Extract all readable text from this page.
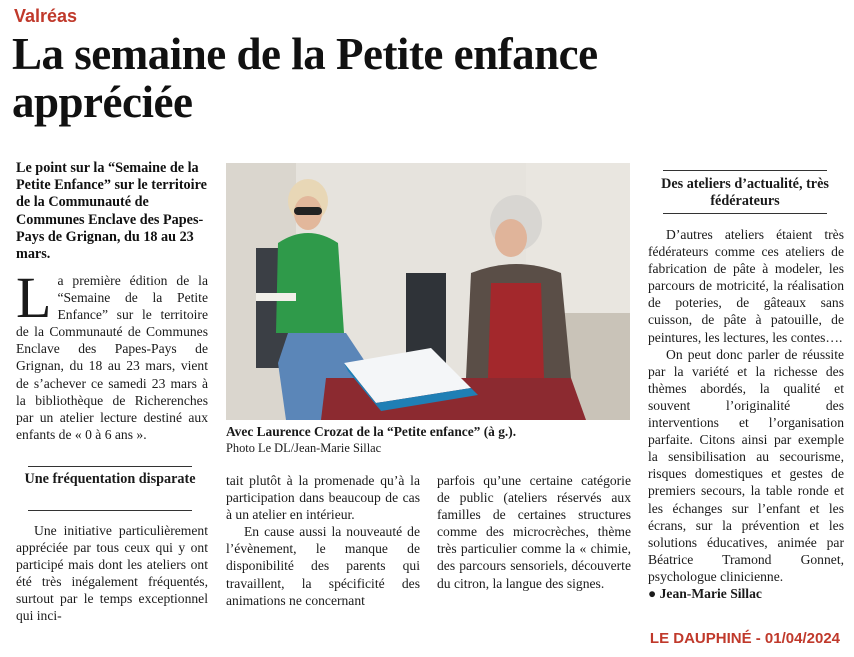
Valréas
La semaine de la Petite enfance
appréciée
Le point sur la “Semaine de la Petite Enfance” sur le territoire de la Communauté de Communes Enclave des Papes-Pays de Grignan, du 18 au 23 mars.
L a première édition de la “Semaine de la Petite Enfance” sur le territoire de la Communauté de Communes Enclave des Papes-Pays de Grignan, du 18 au 23 mars, vient de s’achever ce samedi 23 mars à la bibliothèque de Richerenches par un atelier lecture destiné aux enfants de « 0 à 6 ans ».
Une fréquentation disparate

Une initiative particulièrement appréciée par tous ceux qui y ont participé mais dont les ateliers ont été très inégalement fréquentés, surtout par le temps exceptionnel qui inci-

Avec Laurence Crozat de la “Petite enfance” (à g.).
Photo Le DL/Jean-Marie Sillac

tait plutôt à la promenade qu’à la participation dans beaucoup de cas à un atelier en intérieur.

En cause aussi la nouveauté de l’évènement, le manque de disponibilité des parents qui travaillent, la spécificité des animations ne concernant

parfois qu’une certaine catégorie de public (ateliers réservés aux familles de certaines structures comme des microcrèches, thème très particulier comme la « chimie, des parcours sensoriels, découverte du citron, la langue des signes.

Des ateliers d’actualité, très fédérateurs

D’autres ateliers étaient très fédérateurs comme ces ateliers de fabrication de pâte à modeler, les parcours de motricité, la réalisation de poteries, de gâteaux sans cuisson, de pâte à patouille, de peintures, les lectures, les contes….

On peut donc parler de réussite par la variété et la richesse des thèmes abordés, la qualité et souvent l’originalité des interventions et l’organisation parfaite. Citons ainsi par exemple la sensibilisation au secourisme, risques domestiques et gestes de premiers secours, la table ronde et les échanges sur l’enfant et les écrans, sur la prévention et les solutions éducatives, animée par Béatrice Tramond Gonnet, psychologue clinicienne.

● Jean-Marie Sillac
LE DAUPHINÉ - 01/04/2024
